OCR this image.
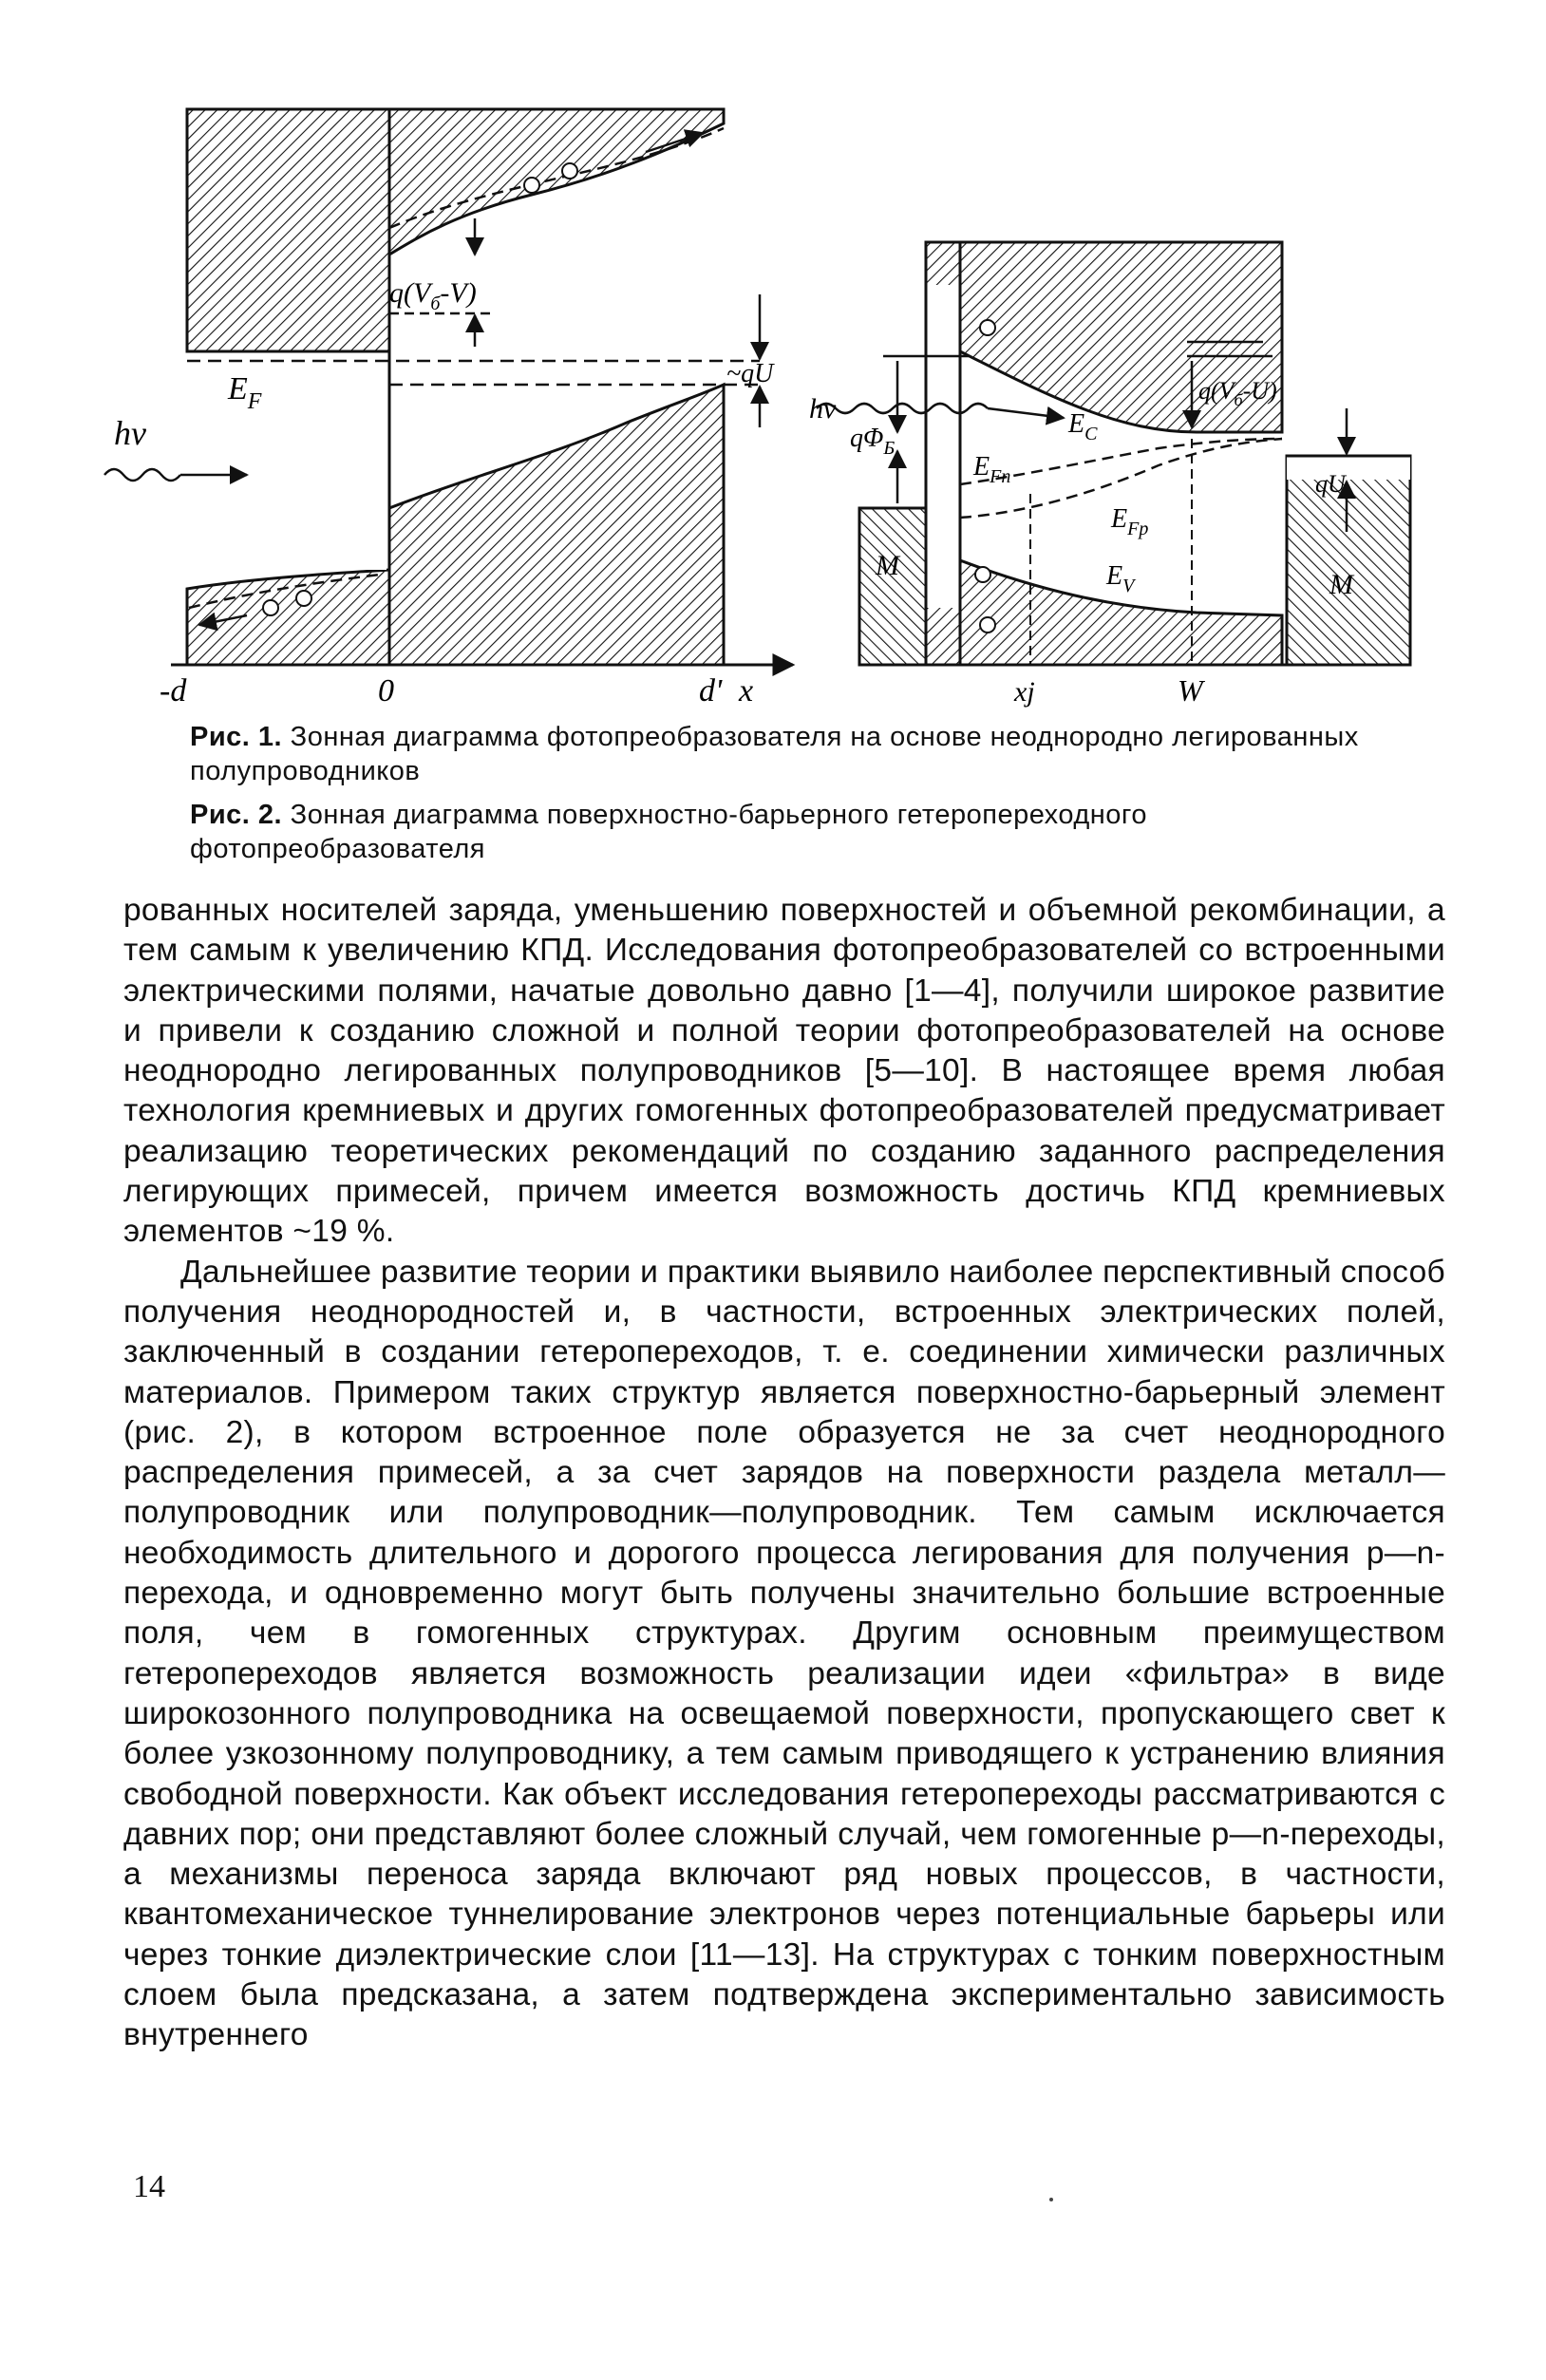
hν
$E_F$
$q(V_б-V)$
~qU
-d	0	d' x
hν
$q\Phi_Б$
$E_C$
$E_{Fn}$
$E_{Fp}$
$E_V$
$q(V_б-U)$
qU
M
M
xj	W
Рис. 1. Зонная диаграмма фотопреобразователя на основе неоднородно легированных полупроводников
Рис. 2. Зонная диаграмма поверхностно-барьерного гетеропереходного фотопреобразователя

рованных носителей заряда, уменьшению поверхностей и объемной рекомбинации, а тем самым к увеличению КПД. Исследования фотопреобразователей со встроенными электрическими полями, начатые довольно давно [1—4], получили широкое развитие и привели к созданию сложной и полной теории фотопреобразователей на основе неоднородно легированных полупроводников [5—10]. В настоящее время любая технология кремниевых и других гомогенных фотопреобразователей предусматривает реализацию теоретических рекомендаций по созданию заданного распределения легирующих примесей, причем имеется возможность достичь КПД кремниевых элементов ~19 %.

Дальнейшее развитие теории и практики выявило наиболее перспективный способ получения неоднородностей и, в частности, встроенных электрических полей, заключенный в создании гетеропереходов, т. е. соединении химически различных материалов. Примером таких структур является поверхностно-барьерный элемент (рис. 2), в котором встроенное поле образуется не за счет неоднородного распределения примесей, а за счет зарядов на поверхности раздела металл—полупроводник или полупроводник—полупроводник. Тем самым исключается необходимость длительного и дорогого процесса легирования для получения p—n-перехода, и одновременно могут быть получены значительно большие встроенные поля, чем в гомогенных структурах. Другим основным преимуществом гетеропереходов является возможность реализации идеи «фильтра» в виде широкозонного полупроводника на освещаемой поверхности, пропускающего свет к более узкозонному полупроводнику, а тем самым приводящего к устранению влияния свободной поверхности. Как объект исследования гетеропереходы рассматриваются с давних пор; они представляют более сложный случай, чем гомогенные p—n-переходы, а механизмы переноса заряда включают ряд новых процессов, в частности, квантомеханическое туннелирование электронов через потенциальные барьеры или через тонкие диэлектрические слои [11—13]. На структурах с тонким поверхностным слоем была предсказана, а затем подтверждена экспериментально зависимость внутреннего

14
